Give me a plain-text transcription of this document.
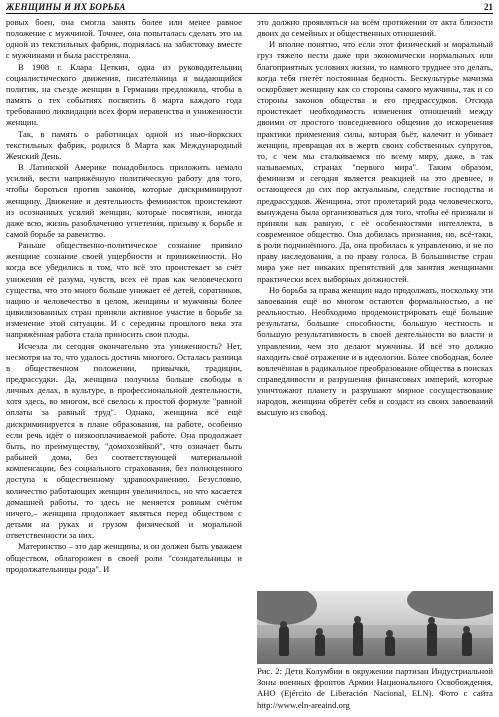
ЖЕНЩИНЫ И ИХ БОРЬБА	21

ровых боен, она смогла занять более или менее равное положение с мужчиной. Точнее, она попыталась сделать это на одной из текстильных фабрик, поднялась на забастовку вместе с мужчинами и была расстреляна.

В 1908 г. Клара Цеткин, одна из руководительниц социалистического движения, писательница и выдающийся политик, на съезде женщин в Германии предложила, чтобы в память о тех событиях посвятить 8 марта каждого года требованию ликвидации всех форм неравенства и униженности женщин.

Так, в память о работницах одной из нью-йоркских текстильных фабрик, родился 8 Марта как Международный Женский День.

В Латинской Америке понадобилось приложить немало усилий, вести напряжённую политическую работу для того, чтобы бороться против законов, которые дискриминируют женщину. Движение и деятельность феминисток проистекают из осознанных усилий женщин, которые посвятили, иногда даже всю, жизнь разоблачению угнетения, призыву к борьбе и самой борьбе за равенство.

Раньше общественно-политическое сознание привило женщине сознание своей ущербности и приниженности. Но когда все убедились в том, что всё это проистекает за счёт унижения её разума, чувств, всех её прав как человеческого существа, что это много больше унижает её детей, соратников, нацию и человечество в целом, женщины и мужчины более цивилизованных стран приняли активное участие в борьбе за изменение этой ситуации. И с середины прошлого века эта напряжённая работа стала приносить свои плоды.

Исчезла ли сегодня окончательно эта униженность? Нет, несмотря на то, что удалось достичь многого. Осталась разница в общественном положении, привычки, традиции, предрассудки. Да, женщина получила больше свободы в личных делах, в культуре, в профессиональной деятельности, хотя здесь, во многом, всё свелось к простой формуле "равной оплаты за равный труд". Однако, женщина всё ещё дискриминируется в плане образования, на работе, особенно если речь идёт о низкооплачиваемой работе. Она продолжает быть, по преимуществу, "домохозяйкой", что означает быть рабыней дома, без соответствующей материальной компенсации, без социального страхования, без полноценного доступа к общественному здравоохранению. Безусловно, количество работающих женщин увеличилось, но что касается домашней работы, то здесь не меняется ровным счётом ничего,– женщина продолжает являться перед обществом с детьми на руках и грузом физической и моральной ответственности за них.

Материнство – это дар женщины, и он должен быть уважаем обществом, облагорожен в своей роли "созидательницы и продолжательницы рода". И

это должно проявляться на всём протяжении от акта близости двоих до семейных и общественных отношений.

И вполне понятно, что если этот физический и моральный груз тяжело нести даже при экономически нормальных или благоприятных условиях жизни, то намного труднее это делать, когда тебя гнетёт постоянная бедность. Бескультурье мачизма оскорбляет женщину как со стороны самого мужчины, так и со стороны законов общества и его предрассудков. Отсюда проистекает необходимость изменения отношений между двоими от простого повседневного общения до искоренения практики применения силы, которая бьёт, калечит и убивает женщин, превращая их в жертв своих собственных супругов, то, с чем мы сталкиваемся по всему миру, даже, в так называемых, странах "первого мира". Таким образом, феминизм и сегодня является реакцией на это древнее, и остающееся до сих пор актуальным, следствие господства и предрассудков. Женщина, этот пролетарий рода человеческого, вынуждена была организоваться для того, чтобы её признали и приняли как равную, с её особенностями интеллекта, в современное общество. Она добилась признания, но, всё-таки, в роли подчинённого. Да, она пробилась к управлению, и не по праву наследования, а по праву голоса. В большинстве стран мира уже нет никаких препятствий для занятия женщинами практически всех выборных должностей.

Но борьба за права женщин надо продолжать, поскольку эти завоевания ещё во многом остаются формальностью, а не реальностью. Необходимо продемонстрировать ещё большие результаты, большие способности, большую честность и большую результативность в своей деятельности во власти и управлении, чем это делают мужчины. И всё это должно находить своё отражение и в идеологии. Более свободная, более вовлечённая в радикальное преобразование общества в поисках справедливости и разрушения финансовых империй, которые уничтожают планету и разрушают мирное сосуществование народов, женщина обретёт себя и создаст из своих завоеваний высшую из свобод.

Рис. 2: Дети Колумбии в окружении партизан Индустриальной Зоны военных фронтов Армии Национального Освобождения, АНО (Ejército de Liberación Nacional, ELN). Фото с сайта http://www.eln-areaind.org
